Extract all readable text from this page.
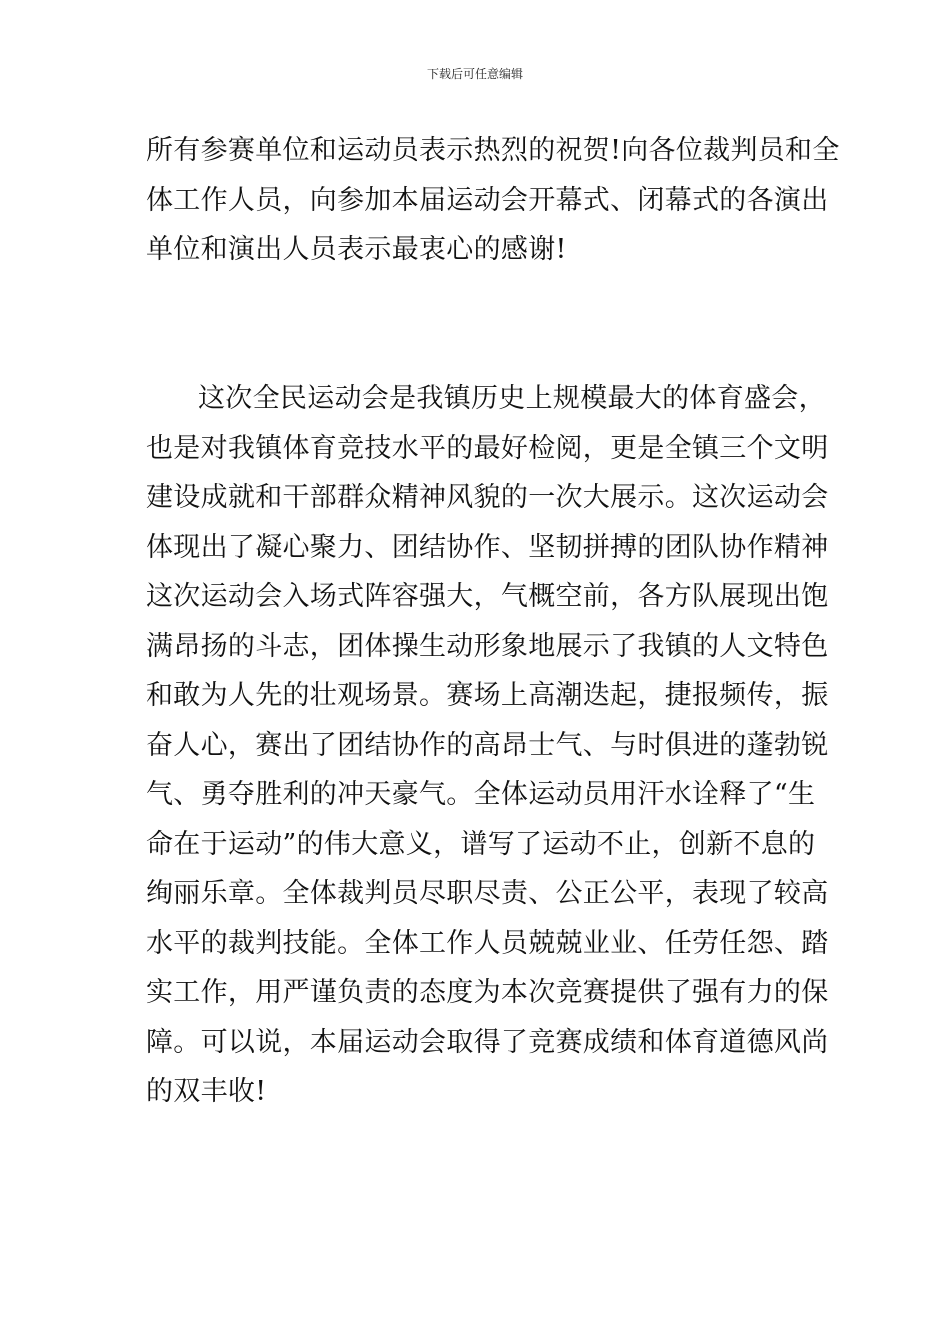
下载后可任意编辑
所有参赛单位和运动员表示热烈的祝贺!向各位裁判员和全
体工作人员，向参加本届运动会开幕式、闭幕式的各演出
单位和演出人员表示最衷心的感谢!
这次全民运动会是我镇历史上规模最大的体育盛会，
也是对我镇体育竞技水平的最好检阅，更是全镇三个文明
建设成就和干部群众精神风貌的一次大展示。这次运动会
体现出了凝心聚力、团结协作、坚韧拼搏的团队协作精神
这次运动会入场式阵容强大，气概空前，各方队展现出饱
满昂扬的斗志，团体操生动形象地展示了我镇的人文特色
和敢为人先的壮观场景。赛场上高潮迭起，捷报频传，振
奋人心，赛出了团结协作的高昂士气、与时俱进的蓬勃锐
气、勇夺胜利的冲天豪气。全体运动员用汗水诠释了“生
命在于运动”的伟大意义，谱写了运动不止，创新不息的
绚丽乐章。全体裁判员尽职尽责、公正公平，表现了较高
水平的裁判技能。全体工作人员兢兢业业、任劳任怨、踏
实工作，用严谨负责的态度为本次竞赛提供了强有力的保
障。可以说，本届运动会取得了竞赛成绩和体育道德风尚
的双丰收!
